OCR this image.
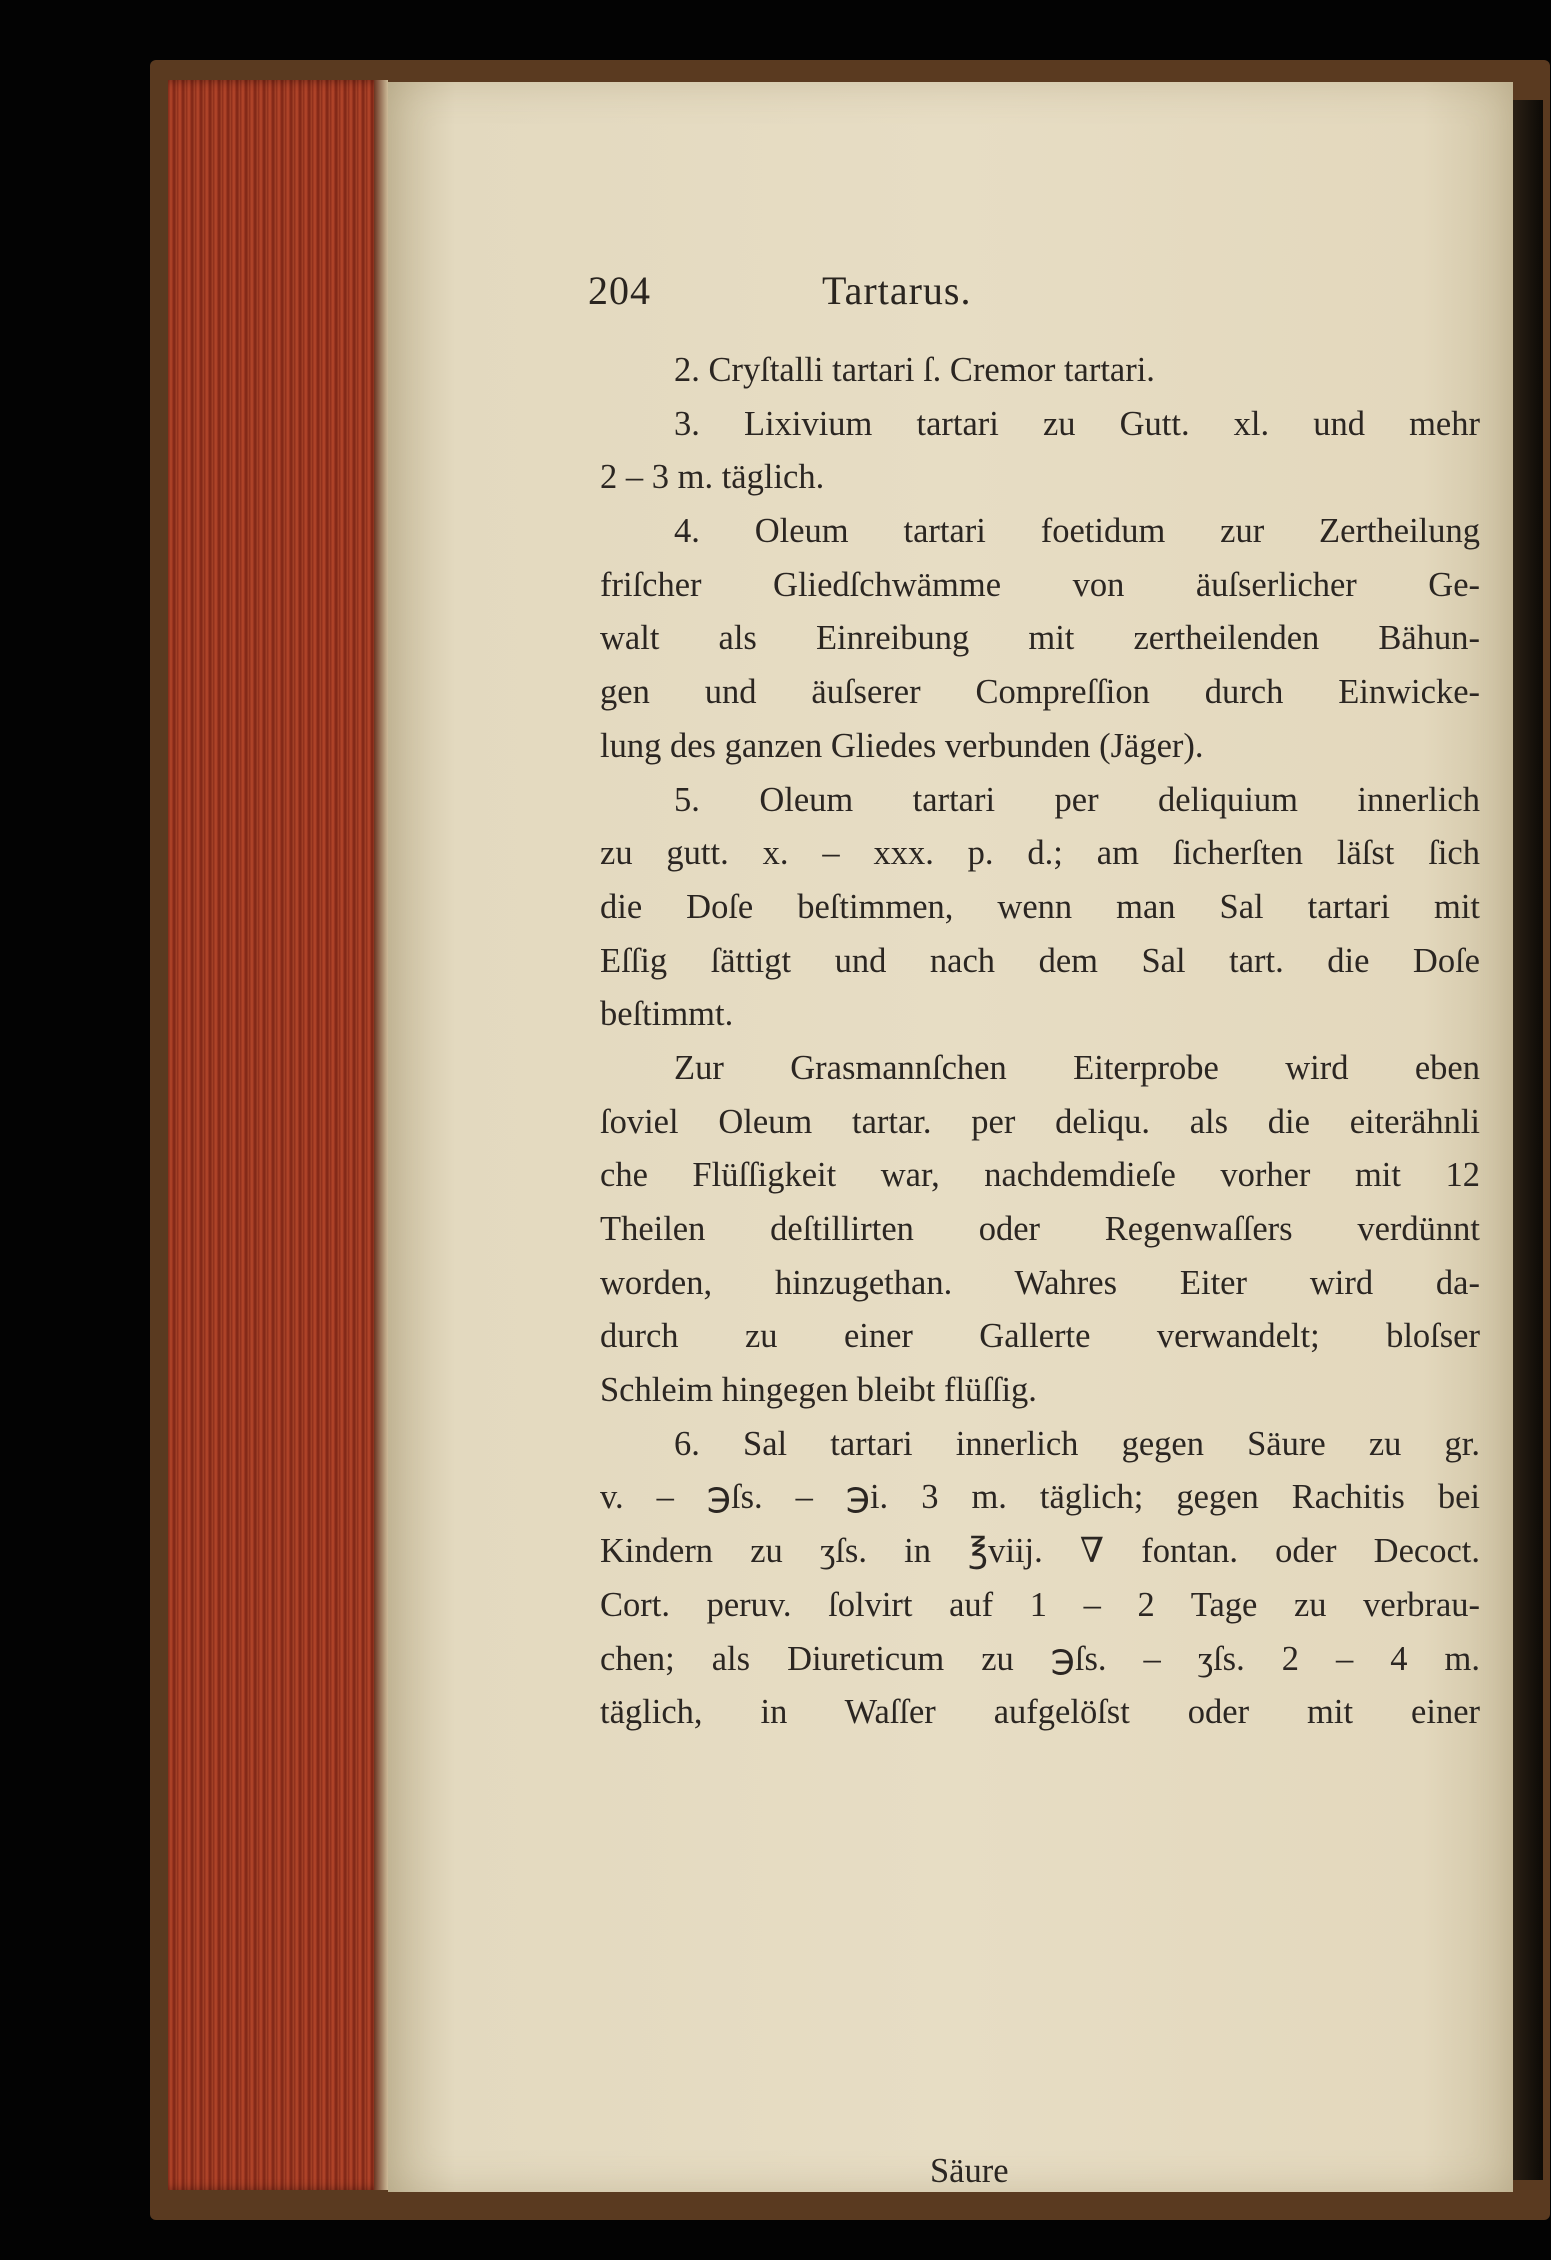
204	Tartarus.
2. Cryſtalli tartari ſ. Cremor tartari.
3. Lixivium tartari zu Gutt. xl. und mehr
2 – 3 m. täglich.
4. Oleum tartari foetidum zur Zertheilung
friſcher Gliedſchwämme von äuſserlicher Ge-
walt als Einreibung mit zertheilenden Bähun-
gen und äuſserer Compreſſion durch Einwicke-
lung des ganzen Gliedes verbunden (Jäger).
5. Oleum tartari per deliquium innerlich
zu gutt. x. – xxx. p. d.; am ſicherſten läſst ſich
die Doſe beſtimmen, wenn man Sal tartari mit
Eſſig ſättigt und nach dem Sal tart. die Doſe
beſtimmt.
Zur Grasmannſchen Eiterprobe wird eben
ſoviel Oleum tartar. per deliqu. als die eiterähnli
che Flüſſigkeit war, nachdemdieſe vorher mit 12
Theilen deſtillirten oder Regenwaſſers verdünnt
worden, hinzugethan. Wahres Eiter wird da-
durch zu einer Gallerte verwandelt; bloſser
Schleim hingegen bleibt flüſſig.
6. Sal tartari innerlich gegen Säure zu gr.
v. – ℈ſs. – ℈i. 3 m. täglich; gegen Rachitis bei
Kindern zu ʒſs. in ℥viij. ∇ fontan. oder Decoct.
Cort. peruv. ſolvirt auf 1 – 2 Tage zu verbrau-
chen; als Diureticum zu ℈ſs. – ʒſs. 2 – 4 m.
täglich, in Waſſer aufgelöſst oder mit einer
Säure
